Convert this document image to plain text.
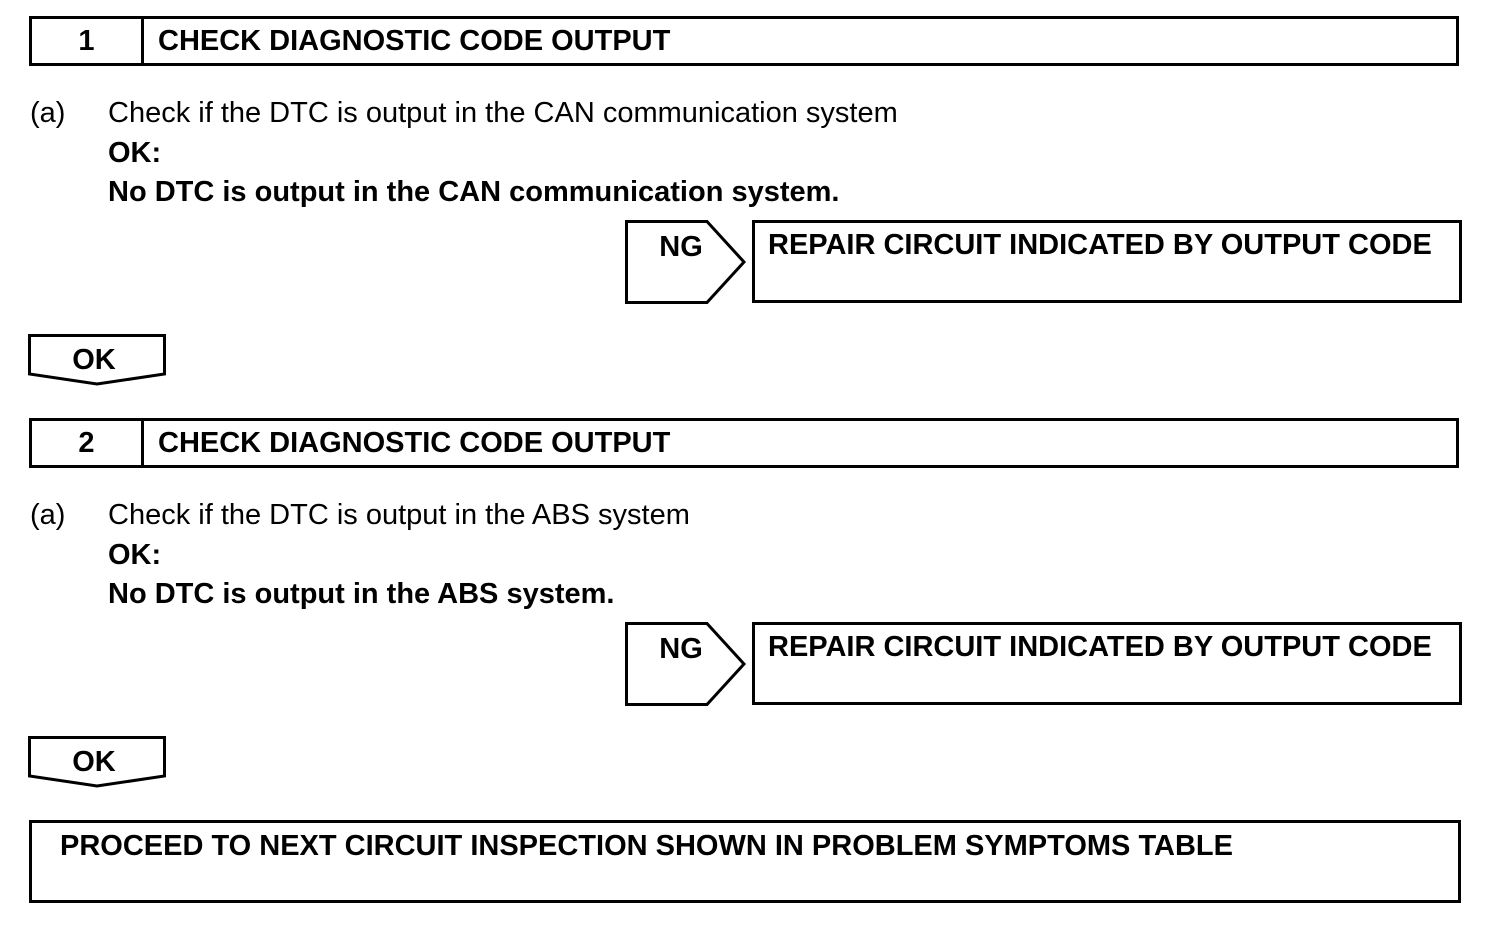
1	CHECK DIAGNOSTIC CODE OUTPUT
(a) Check if the DTC is output in the CAN communication system
OK:
No DTC is output in the CAN communication system.
NG	REPAIR CIRCUIT INDICATED BY OUTPUT CODE
OK
2	CHECK DIAGNOSTIC CODE OUTPUT
(a) Check if the DTC is output in the ABS system
OK:
No DTC is output in the ABS system.
NG	REPAIR CIRCUIT INDICATED BY OUTPUT CODE
OK
PROCEED TO NEXT CIRCUIT INSPECTION SHOWN IN PROBLEM SYMPTOMS TABLE
